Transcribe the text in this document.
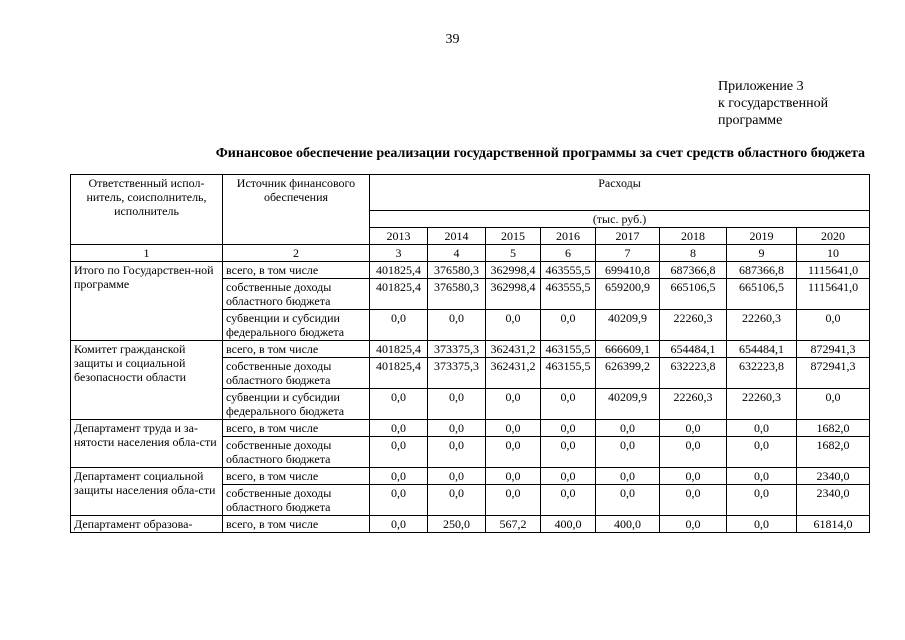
39
Приложение 3
к государственной
программе
Финансовое обеспечение реализации государственной программы за счет средств областного бюджета
Ответственный испол-нитель, соисполнитель, исполнитель	Источник финансового обеспечения	Расходы							
		(тыс. руб.)							
		2013	2014	2015	2016	2017	2018	2019	2020
1	2	3	4	5	6	7	8	9	10
Итого по Государствен-ной программе	всего, в том числе	401825,4	376580,3	362998,4	463555,5	699410,8	687366,8	687366,8	1115641,0
	собственные доходы областного бюджета	401825,4	376580,3	362998,4	463555,5	659200,9	665106,5	665106,5	1115641,0
	субвенции и субсидии федерального бюджета	0,0	0,0	0,0	0,0	40209,9	22260,3	22260,3	0,0
Комитет гражданской защиты и социальной безопасности области	всего, в том числе	401825,4	373375,3	362431,2	463155,5	666609,1	654484,1	654484,1	872941,3
	собственные доходы областного бюджета	401825,4	373375,3	362431,2	463155,5	626399,2	632223,8	632223,8	872941,3
	субвенции и субсидии федерального бюджета	0,0	0,0	0,0	0,0	40209,9	22260,3	22260,3	0,0
Департамент труда и за-нятости населения обла-сти	всего, в том числе	0,0	0,0	0,0	0,0	0,0	0,0	0,0	1682,0
	собственные доходы областного бюджета	0,0	0,0	0,0	0,0	0,0	0,0	0,0	1682,0
Департамент социальной защиты населения обла-сти	всего, в том числе	0,0	0,0	0,0	0,0	0,0	0,0	0,0	2340,0
	собственные доходы областного бюджета	0,0	0,0	0,0	0,0	0,0	0,0	0,0	2340,0
Департамент образова-	всего, в том числе	0,0	250,0	567,2	400,0	400,0	0,0	0,0	61814,0
